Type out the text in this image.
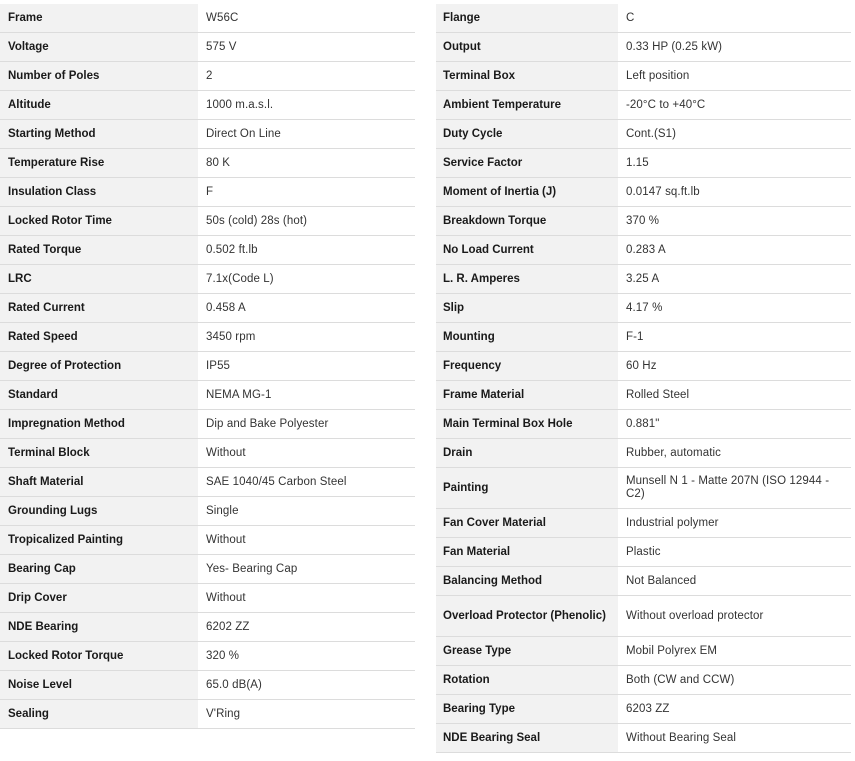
Frame	W56C
Voltage	575 V
Number of Poles	2
Altitude	1000 m.a.s.l.
Starting Method	Direct On Line
Temperature Rise	80 K
Insulation Class	F
Locked Rotor Time	50s (cold) 28s (hot)
Rated Torque	0.502 ft.lb
LRC	7.1x(Code L)
Rated Current	0.458 A
Rated Speed	3450 rpm
Degree of Protection	IP55
Standard	NEMA MG-1
Impregnation Method	Dip and Bake Polyester
Terminal Block	Without
Shaft Material	SAE 1040/45 Carbon Steel
Grounding Lugs	Single
Tropicalized Painting	Without
Bearing Cap	Yes- Bearing Cap
Drip Cover	Without
NDE Bearing	6202 ZZ
Locked Rotor Torque	320 %
Noise Level	65.0 dB(A)
Sealing	V'Ring
Flange	C
Output	0.33 HP (0.25 kW)
Terminal Box	Left position
Ambient Temperature	-20°C to +40°C
Duty Cycle	Cont.(S1)
Service Factor	1.15
Moment of Inertia (J)	0.0147 sq.ft.lb
Breakdown Torque	370 %
No Load Current	0.283 A
L. R. Amperes	3.25 A
Slip	4.17 %
Mounting	F-1
Frequency	60 Hz
Frame Material	Rolled Steel
Main Terminal Box Hole	0.881"
Drain	Rubber, automatic
Painting	Munsell N 1 - Matte 207N (ISO 12944 - C2)
Fan Cover Material	Industrial polymer
Fan Material	Plastic
Balancing Method	Not Balanced
Overload Protector (Phenolic)	Without overload protector
Grease Type	Mobil Polyrex EM
Rotation	Both (CW and CCW)
Bearing Type	6203 ZZ
NDE Bearing Seal	Without Bearing Seal
